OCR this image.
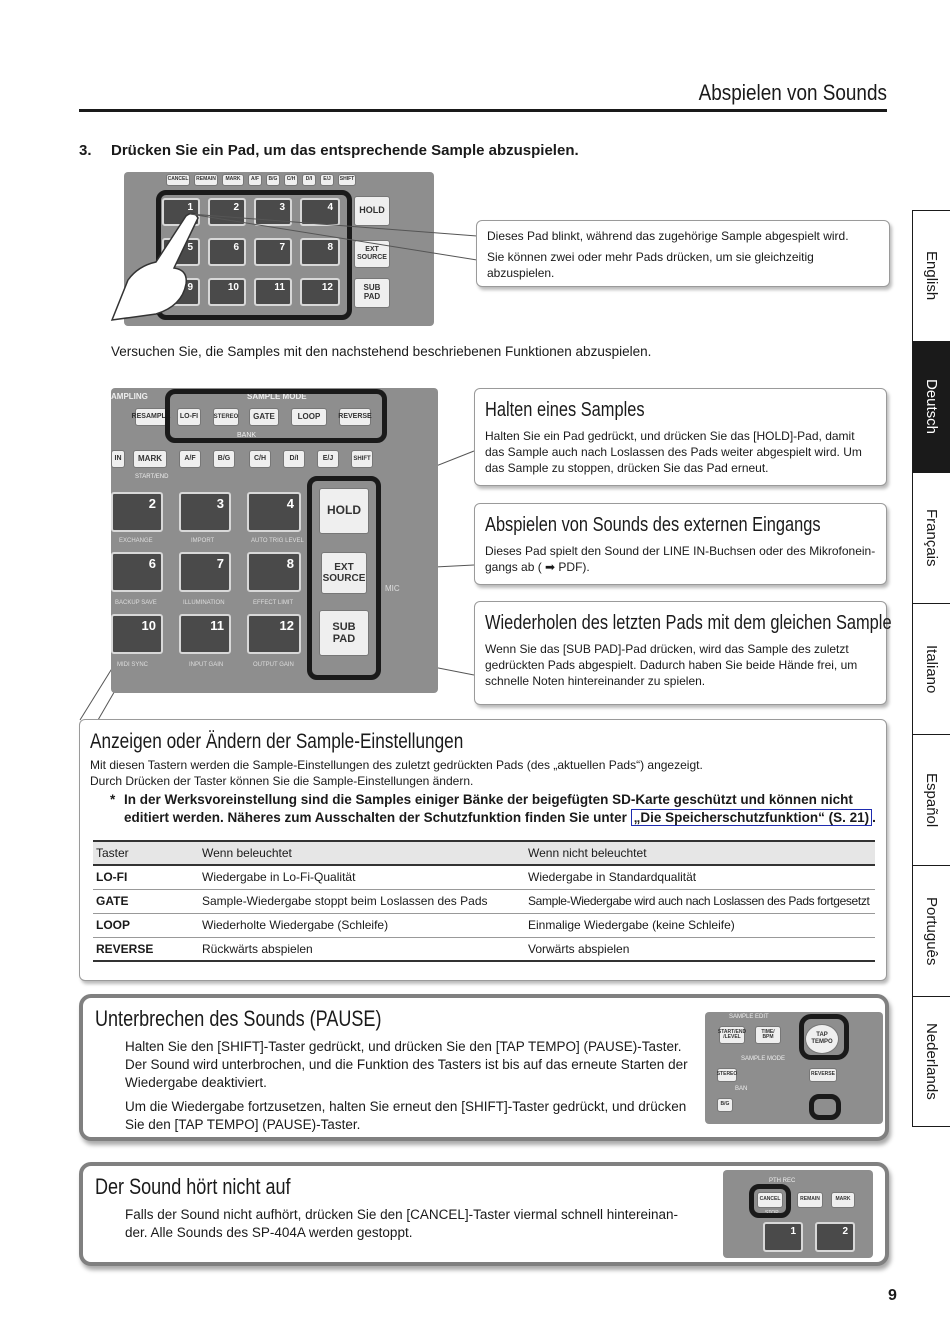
Abspielen von Sounds
3. Drücken Sie ein Pad, um das entsprechende Sample abzuspielen.
CANCEL	REMAIN	MARK	A/F	B/G	C/H	D/I	E/J	SHIFT
1	2	3	4
5	6	7	8
9	10	11	12
HOLD
EXT SOURCE
SUB PAD
Dieses Pad blinkt, während das zugehörige Sample abgespielt wird.
Sie können zwei oder mehr Pads drücken, um sie gleichzeitig abzuspielen.
Versuchen Sie, die Samples mit den nachstehend beschriebenen Funktionen abzuspielen.
AMPLING	SAMPLE MODE
RESAMPLE	LO-FI	STEREO	GATE	LOOP	REVERSE
BANK
IN	MARK	A/F	B/G	C/H	D/I	E/J	SHIFT
START/END
2	3	4
EXCHANGE	IMPORT	AUTO TRIG LEVEL
6	7	8
BACKUP SAVE	ILLUMINATION	EFFECT LIMIT
10	11	12
MIDI SYNC	INPUT GAIN	OUTPUT GAIN
HOLD
EXT SOURCE
SUB PAD
MIC
Halten eines Samples
Halten Sie ein Pad gedrückt, und drücken Sie das [HOLD]-Pad, damit das Sample auch nach Loslassen des Pads weiter abgespielt wird. Um das Sample zu stoppen, drücken Sie das Pad erneut.
Abspielen von Sounds des externen Eingangs
Dieses Pad spielt den Sound der LINE IN-Buchsen oder des Mikrofonein-gangs ab ( ➡ PDF).
Wiederholen des letzten Pads mit dem gleichen Sample
Wenn Sie das [SUB PAD]-Pad drücken, wird das Sample des zuletzt gedrückten Pads abgespielt. Dadurch haben Sie beide Hände frei, um schnelle Noten hintereinander zu spielen.
Anzeigen oder Ändern der Sample-Einstellungen
Mit diesen Tastern werden die Sample-Einstellungen des zuletzt gedrückten Pads (des „aktuellen Pads“) angezeigt.
Durch Drücken der Taster können Sie die Sample-Einstellungen ändern.
* In der Werksvoreinstellung sind die Samples einiger Bänke der beigefügten SD-Karte geschützt und können nicht editiert werden. Näheres zum Ausschalten der Schutzfunktion finden Sie unter „Die Speicherschutzfunktion“ (S. 21) .
Taster	Wenn beleuchtet	Wenn nicht beleuchtet
LO-FI	Wiedergabe in Lo-Fi-Qualität	Wiedergabe in Standardqualität
GATE	Sample-Wiedergabe stoppt beim Loslassen des Pads	Sample-Wiedergabe wird auch nach Loslassen des Pads fortgesetzt
LOOP	Wiederholte Wiedergabe (Schleife)	Einmalige Wiedergabe (keine Schleife)
REVERSE	Rückwärts abspielen	Vorwärts abspielen
Unterbrechen des Sounds (PAUSE)

Halten Sie den [SHIFT]-Taster gedrückt, und drücken Sie den [TAP TEMPO] (PAUSE)-Taster. Der Sound wird unterbrochen, und die Funktion des Tasters ist bis auf das erneute Starten der Wiedergabe deaktiviert.

Um die Wiedergabe fortzusetzen, halten Sie erneut den [SHIFT]-Taster gedrückt, und drücken Sie den [TAP TEMPO] (PAUSE)-Taster.

SAMPLE EDIT
START/END /LEVEL
TIME/ BPM	TAP TEMPO
SAMPLE MODE
STEREO	REVERSE
BAN
B/G
Der Sound hört nicht auf

Falls der Sound nicht aufhört, drücken Sie den [CANCEL]-Taster viermal schnell hintereinan-der. Alle Sounds des SP-404A werden gestoppt.

PTH REC
CANCEL
STOP
REMAIN	MARK
1	2
English
Deutsch
Français
Italiano
Español
Português
Nederlands
9
